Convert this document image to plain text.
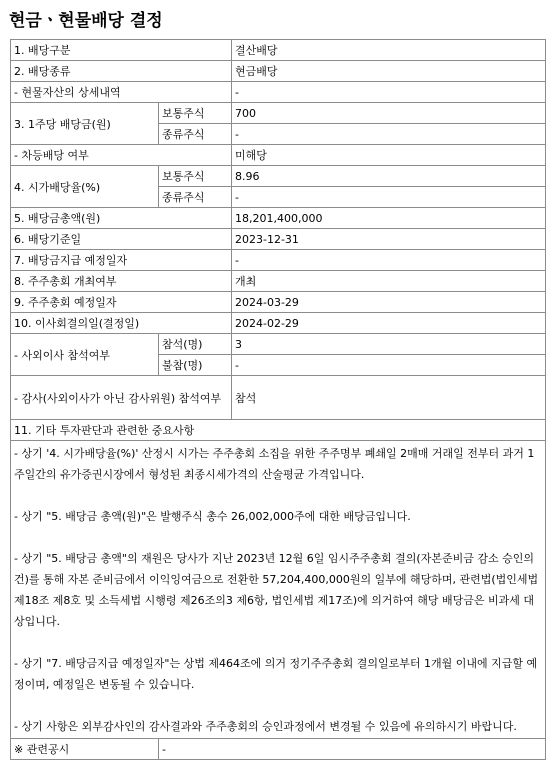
현금ㆍ현물배당 결정
1. 배당구분		결산배당
2. 배당종류		현금배당
- 현물자산의 상세내역		-
3. 1주당 배당금(원)	보통주식	700
	종류주식	-
- 차등배당 여부		미해당
4. 시가배당율(%)	보통주식	8.96
	종류주식	-
5. 배당금총액(원)		18,201,400,000
6. 배당기준일		2023-12-31
7. 배당금지급 예정일자		-
8. 주주총회 개최여부		개최
9. 주주총회 예정일자		2024-03-29
10. 이사회결의일(결정일)		2024-02-29
- 사외이사 참석여부	참석(명)	3
	불참(명)	-
- 감사(사외이사가 아닌 감사위원) 참석여부		참석
11. 기타 투자판단과 관련한 중요사항		

- 상기 '4. 시가배당율(%)' 산정시 시가는 주주총회 소집을 위한 주주명부 폐쇄일 2매매 거래일 전부터 과거 1주일간의 유가증권시장에서 형성된 최종시세가격의 산술평균 가격입니다.
- 상기 "5. 배당금 총액(원)"은 발행주식 총수 26,002,000주에 대한 배당금입니다.
- 상기 "5. 배당금 총액"의 재원은 당사가 지난 2023년 12월 6일 임시주주총회 결의(자본준비금 감소 승인의 건)를 통해 자본 준비금에서 이익잉여금으로 전환한 57,204,400,000원의 일부에 해당하며, 관련법(법인세법 제18조 제8호 및 소득세법 시행령 제26조의3 제6항, 법인세법 제17조)에 의거하여 해당 배당금은 비과세 대상입니다.
- 상기 "7. 배당금지급 예정일자"는 상법 제464조에 의거 정기주주총회 결의일로부터 1개월 이내에 지급할 예정이며, 예정일은 변동될 수 있습니다.
- 상기 사항은 외부감사인의 감사결과와 주주총회의 승인과정에서 변경될 수 있음에 유의하시기 바랍니다.		

※ 관련공시	-	
